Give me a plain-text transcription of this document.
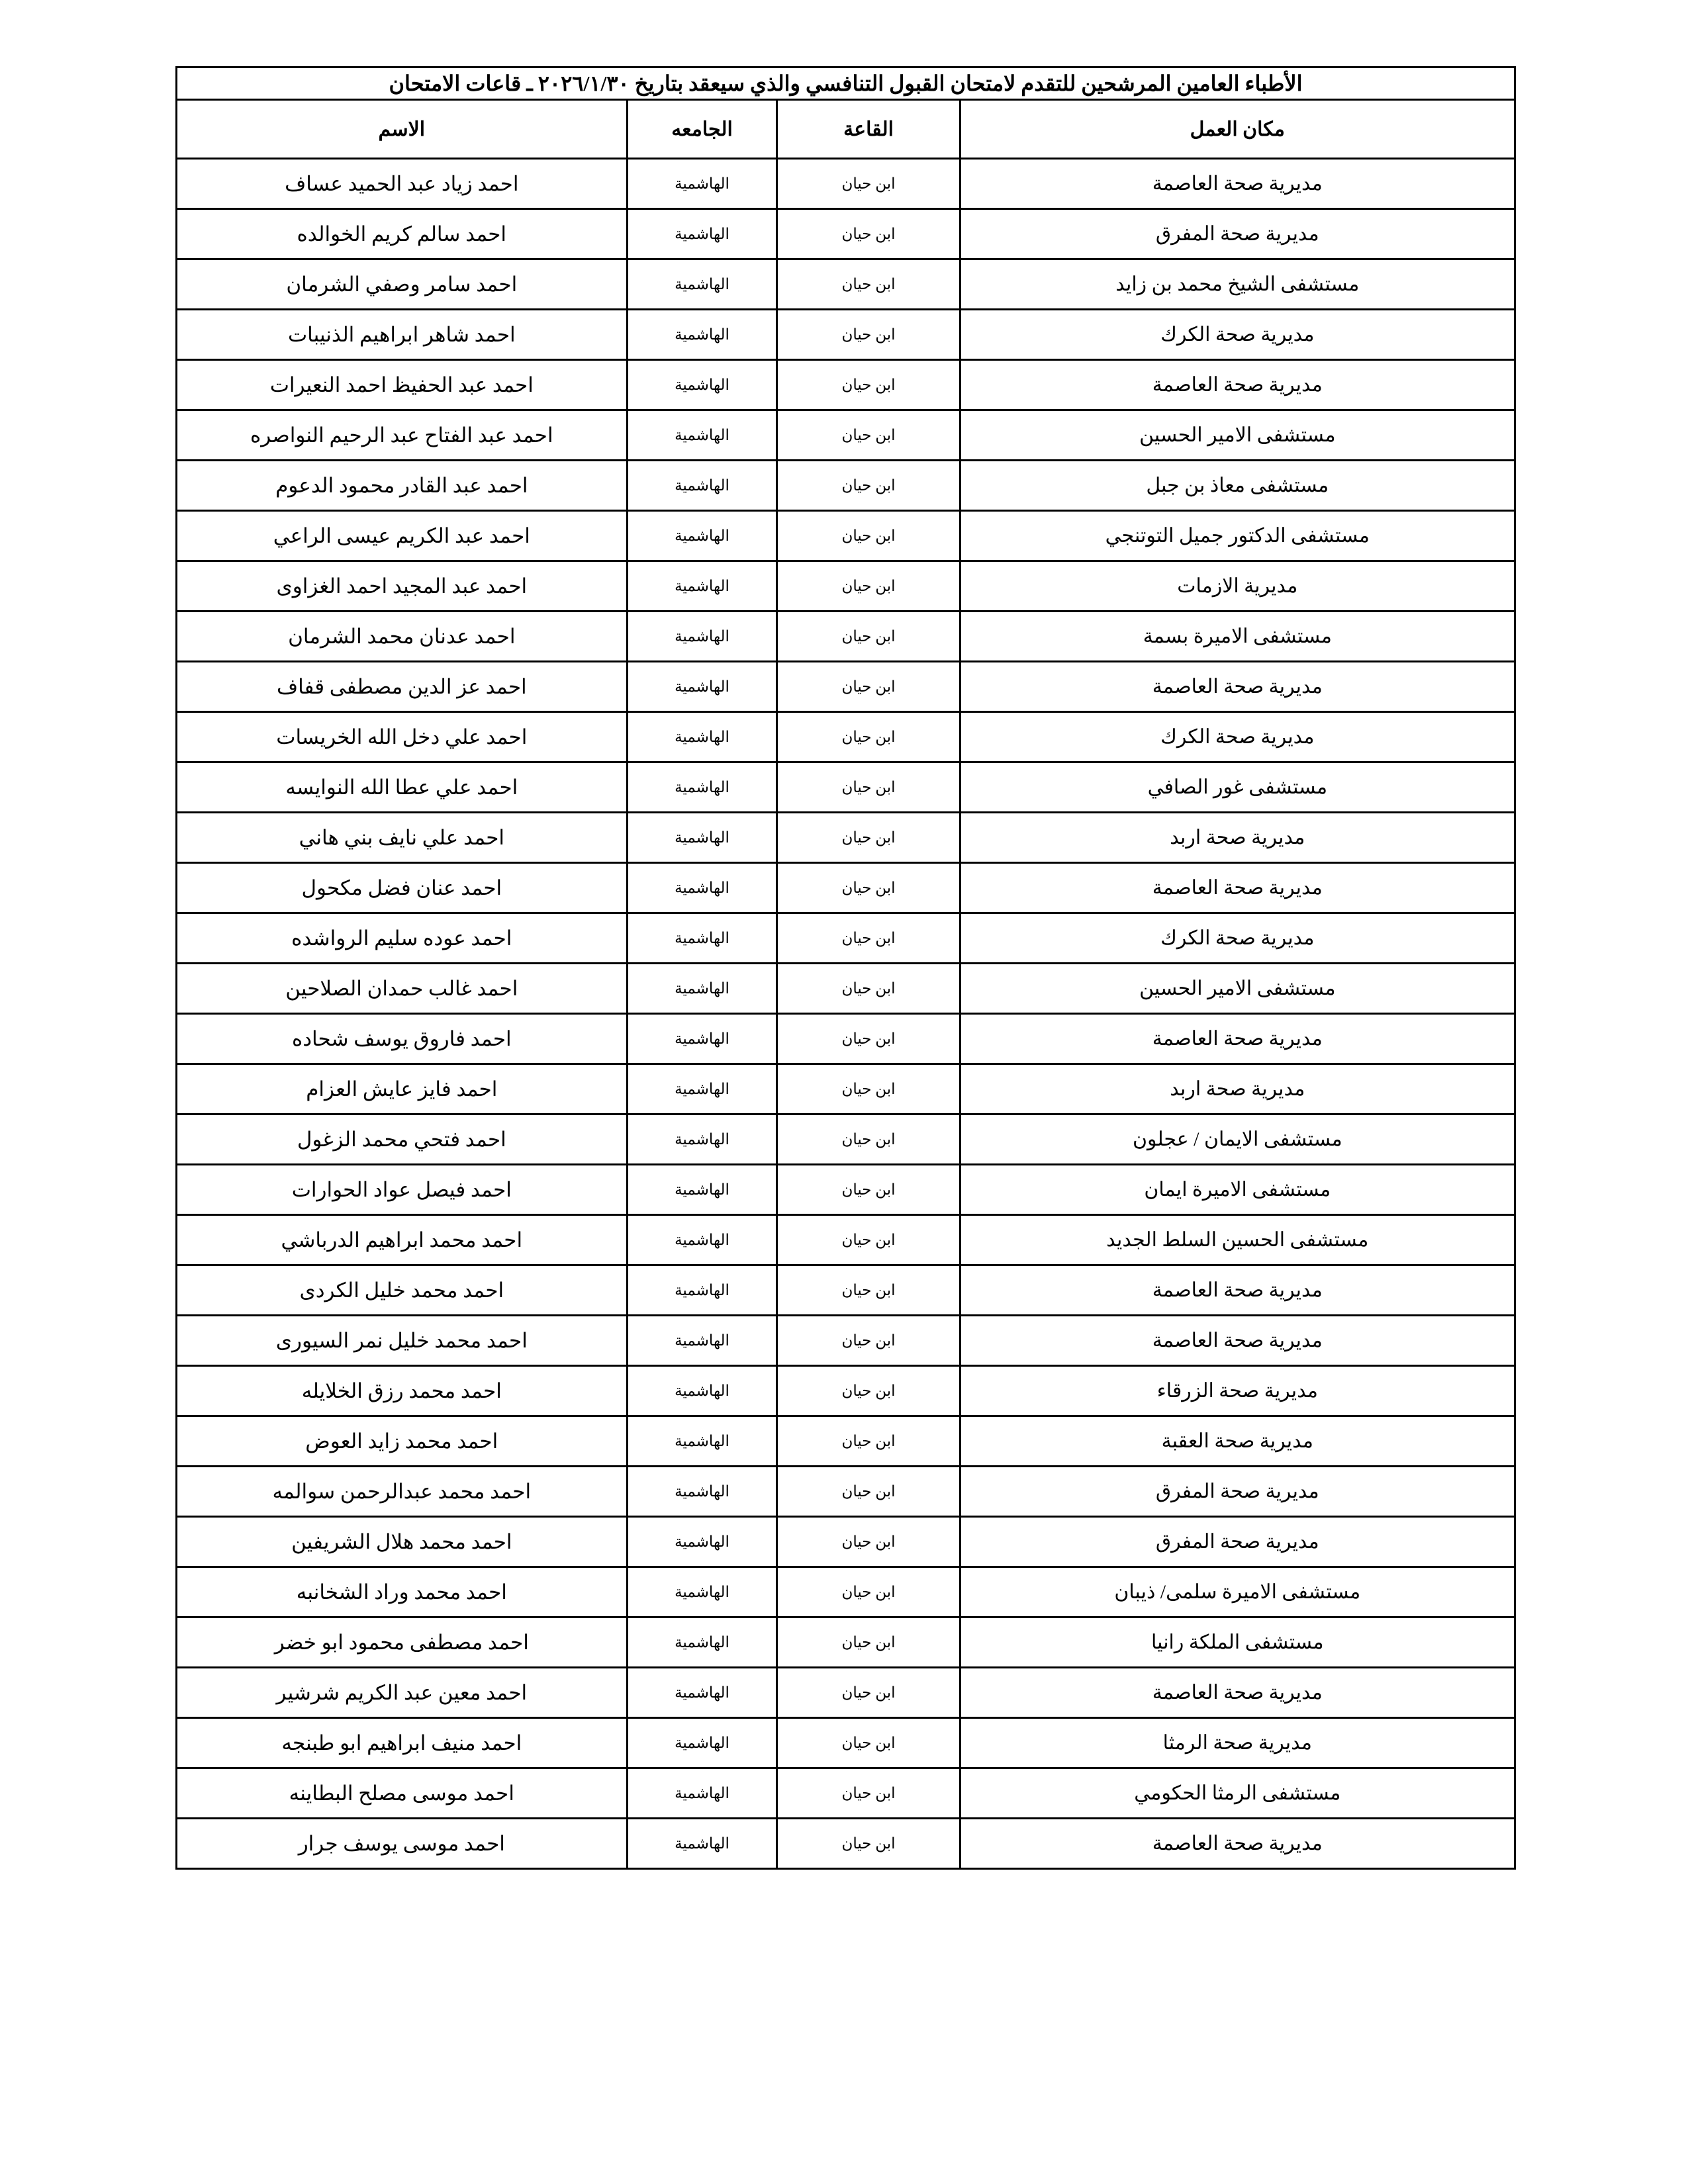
الأطباء العامين المرشحين للتقدم لامتحان القبول التنافسي والذي سيعقد بتاريخ ٢٠٢٦/١/٣٠ ـ قاعات الامتحان			
مكان العمل	القاعة	الجامعه	الاسم
مديرية صحة العاصمة	ابن حيان	الهاشمية	احمد زياد عبد الحميد عساف
مديرية صحة المفرق	ابن حيان	الهاشمية	احمد سالم كريم الخوالده
مستشفى الشيخ محمد بن زايد	ابن حيان	الهاشمية	احمد سامر وصفي الشرمان
مديرية صحة الكرك	ابن حيان	الهاشمية	احمد شاهر ابراهيم الذنيبات
مديرية صحة العاصمة	ابن حيان	الهاشمية	احمد عبد الحفيظ احمد النعيرات
مستشفى الامير الحسين	ابن حيان	الهاشمية	احمد عبد الفتاح عبد الرحيم النواصره
مستشفى معاذ بن جبل	ابن حيان	الهاشمية	احمد عبد القادر محمود الدعوم
مستشفى الدكتور جميل التوتنجي	ابن حيان	الهاشمية	احمد عبد الكريم عيسى الراعي
مديرية الازمات	ابن حيان	الهاشمية	احمد عبد المجيد احمد الغزاوى
مستشفى الاميرة بسمة	ابن حيان	الهاشمية	احمد عدنان محمد الشرمان
مديرية صحة العاصمة	ابن حيان	الهاشمية	احمد عز الدين مصطفى قفاف
مديرية صحة الكرك	ابن حيان	الهاشمية	احمد علي دخل الله الخريسات
مستشفى غور الصافي	ابن حيان	الهاشمية	احمد علي عطا الله النوايسه
مديرية صحة اربد	ابن حيان	الهاشمية	احمد علي نايف بني هاني
مديرية صحة العاصمة	ابن حيان	الهاشمية	احمد عنان فضل مكحول
مديرية صحة الكرك	ابن حيان	الهاشمية	احمد عوده سليم الرواشده
مستشفى الامير الحسين	ابن حيان	الهاشمية	احمد غالب حمدان الصلاحين
مديرية صحة العاصمة	ابن حيان	الهاشمية	احمد فاروق يوسف شحاده
مديرية صحة اربد	ابن حيان	الهاشمية	احمد فايز عايش العزام
مستشفى الايمان / عجلون	ابن حيان	الهاشمية	احمد فتحي محمد الزغول
مستشفى الاميرة ايمان	ابن حيان	الهاشمية	احمد فيصل عواد الحوارات
مستشفى الحسين السلط الجديد	ابن حيان	الهاشمية	احمد محمد ابراهيم الدرباشي
مديرية صحة العاصمة	ابن حيان	الهاشمية	احمد محمد خليل الكردى
مديرية صحة العاصمة	ابن حيان	الهاشمية	احمد محمد خليل نمر السيورى
مديرية صحة الزرقاء	ابن حيان	الهاشمية	احمد محمد رزق الخلايله
مديرية صحة العقبة	ابن حيان	الهاشمية	احمد محمد زايد العوض
مديرية صحة المفرق	ابن حيان	الهاشمية	احمد محمد عبدالرحمن سوالمه
مديرية صحة المفرق	ابن حيان	الهاشمية	احمد محمد هلال الشريفين
مستشفى الاميرة سلمى/ ذيبان	ابن حيان	الهاشمية	احمد محمد وراد الشخانبه
مستشفى الملكة رانيا	ابن حيان	الهاشمية	احمد مصطفى محمود ابو خضر
مديرية صحة العاصمة	ابن حيان	الهاشمية	احمد معين عبد الكريم شرشير
مديرية صحة الرمثا	ابن حيان	الهاشمية	احمد منيف ابراهيم ابو طبنجه
مستشفى الرمثا الحكومي	ابن حيان	الهاشمية	احمد موسى مصلح البطاينه
مديرية صحة العاصمة	ابن حيان	الهاشمية	احمد موسى يوسف جرار
